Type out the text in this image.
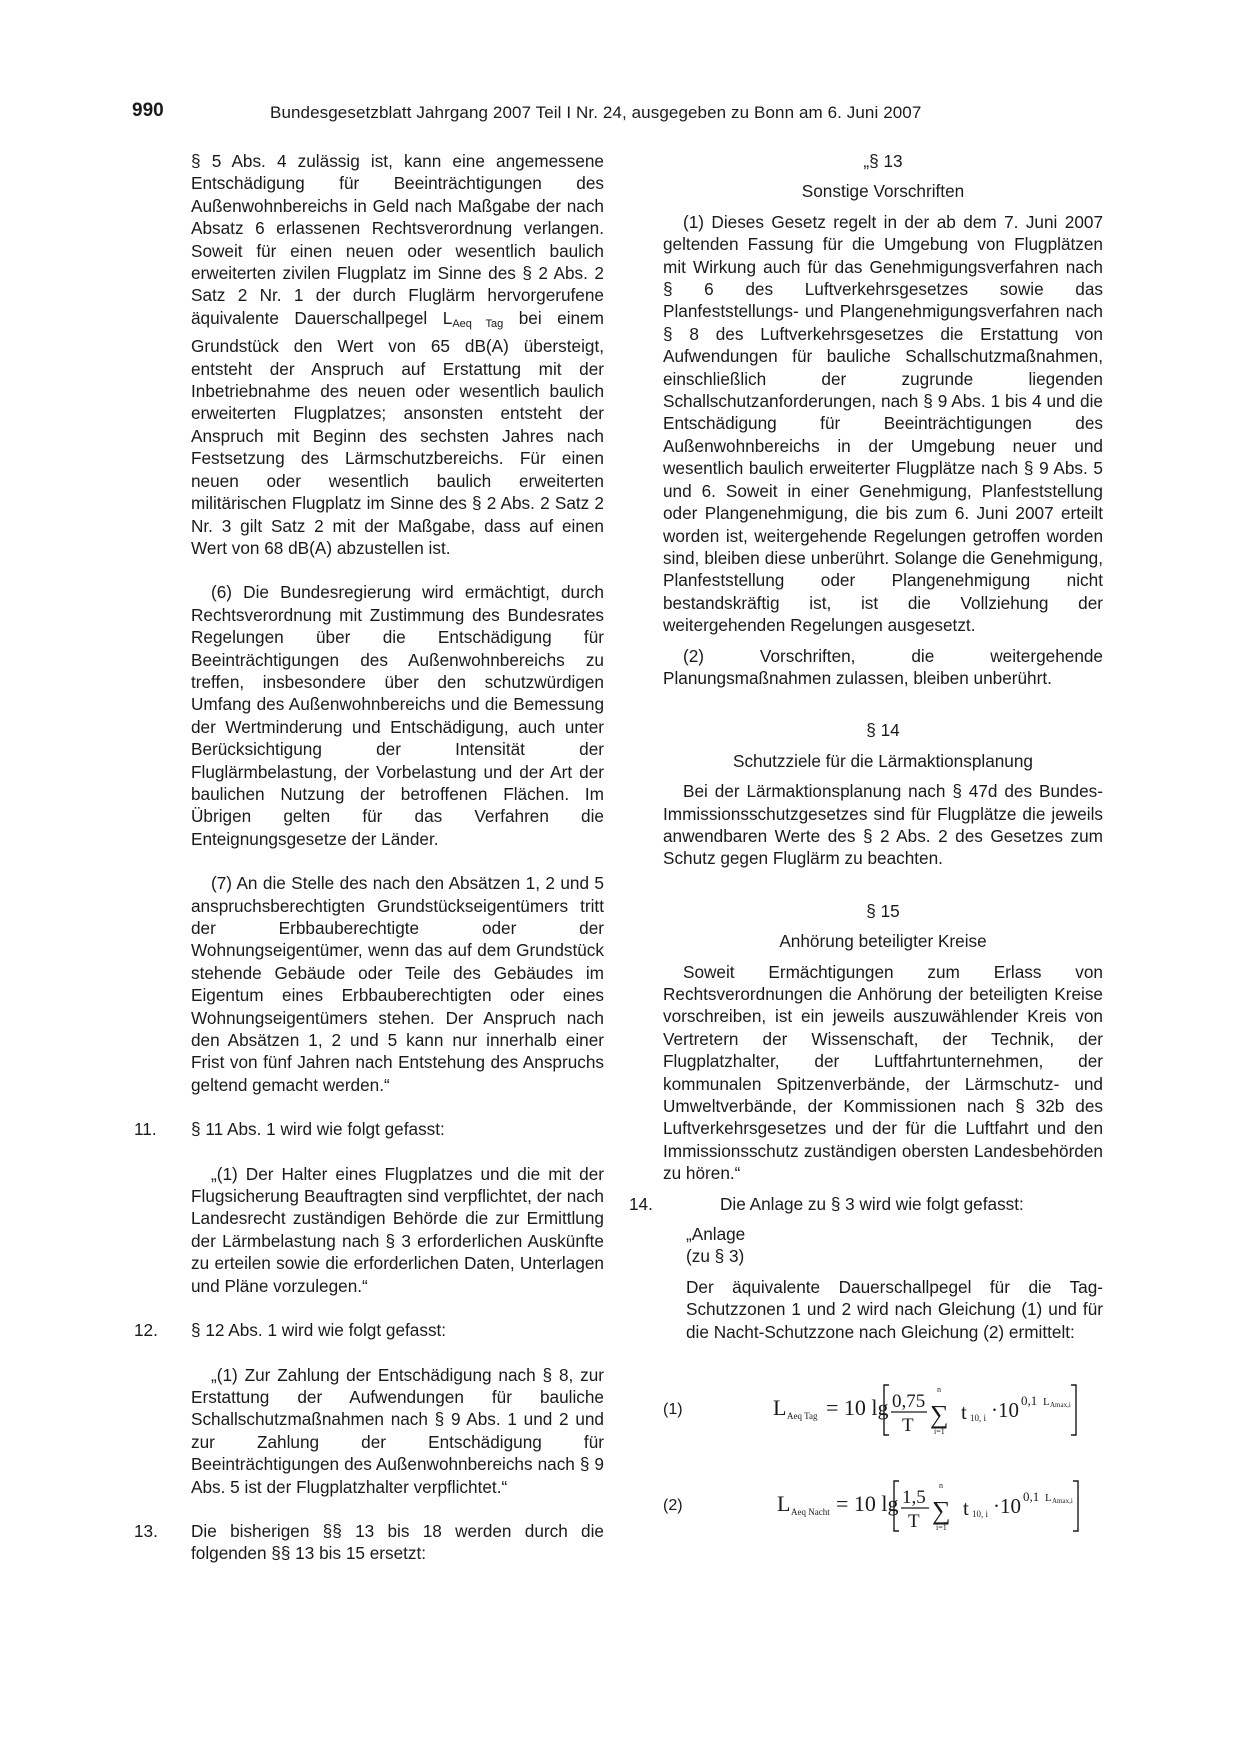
990	Bundesgesetzblatt Jahrgang 2007 Teil I Nr. 24, ausgegeben zu Bonn am 6. Juni 2007

§ 5 Abs. 4 zulässig ist, kann eine angemessene Entschädigung für Beeinträchtigungen des Außenwohnbereichs in Geld nach Maßgabe der nach Absatz 6 erlassenen Rechtsverordnung verlangen. Soweit für einen neuen oder wesentlich baulich erweiterten zivilen Flugplatz im Sinne des § 2 Abs. 2 Satz 2 Nr. 1 der durch Fluglärm hervorgerufene äquivalente Dauerschallpegel $L_{Aeq Tag}$ bei einem Grundstück den Wert von 65 dB(A) übersteigt, entsteht der Anspruch auf Erstattung mit der Inbetriebnahme des neuen oder wesentlich baulich erweiterten Flugplatzes; ansonsten entsteht der Anspruch mit Beginn des sechsten Jahres nach Festsetzung des Lärmschutzbereichs. Für einen neuen oder wesentlich baulich erweiterten militärischen Flugplatz im Sinne des § 2 Abs. 2 Satz 2 Nr. 3 gilt Satz 2 mit der Maßgabe, dass auf einen Wert von 68 dB(A) abzustellen ist.

(6) Die Bundesregierung wird ermächtigt, durch Rechtsverordnung mit Zustimmung des Bundesrates Regelungen über die Entschädigung für Beeinträchtigungen des Außenwohnbereichs zu treffen, insbesondere über den schutzwürdigen Umfang des Außenwohnbereichs und die Bemessung der Wertminderung und Entschädigung, auch unter Berücksichtigung der Intensität der Fluglärmbelastung, der Vorbelastung und der Art der baulichen Nutzung der betroffenen Flächen. Im Übrigen gelten für das Verfahren die Enteignungsgesetze der Länder.

(7) An die Stelle des nach den Absätzen 1, 2 und 5 anspruchsberechtigten Grundstückseigentümers tritt der Erbbauberechtigte oder der Wohnungseigentümer, wenn das auf dem Grundstück stehende Gebäude oder Teile des Gebäudes im Eigentum eines Erbbauberechtigten oder eines Wohnungseigentümers stehen. Der Anspruch nach den Absätzen 1, 2 und 5 kann nur innerhalb einer Frist von fünf Jahren nach Entstehung des Anspruchs geltend gemacht werden.“

11. § 11 Abs. 1 wird wie folgt gefasst:

„(1) Der Halter eines Flugplatzes und die mit der Flugsicherung Beauftragten sind verpflichtet, der nach Landesrecht zuständigen Behörde die zur Ermittlung der Lärmbelastung nach § 3 erforderlichen Auskünfte zu erteilen sowie die erforderlichen Daten, Unterlagen und Pläne vorzulegen.“

12. § 12 Abs. 1 wird wie folgt gefasst:

„(1) Zur Zahlung der Entschädigung nach § 8, zur Erstattung der Aufwendungen für bauliche Schallschutzmaßnahmen nach § 9 Abs. 1 und 2 und zur Zahlung der Entschädigung für Beeinträchtigungen des Außenwohnbereichs nach § 9 Abs. 5 ist der Flugplatzhalter verpflichtet.“

13. Die bisherigen §§ 13 bis 18 werden durch die folgenden §§ 13 bis 15 ersetzt:

„§ 13

Sonstige Vorschriften

(1) Dieses Gesetz regelt in der ab dem 7. Juni 2007 geltenden Fassung für die Umgebung von Flugplätzen mit Wirkung auch für das Genehmigungsverfahren nach § 6 des Luftverkehrsgesetzes sowie das Planfeststellungs- und Plangenehmigungsverfahren nach § 8 des Luftverkehrsgesetzes die Erstattung von Aufwendungen für bauliche Schallschutzmaßnahmen, einschließlich der zugrunde liegenden Schallschutzanforderungen, nach § 9 Abs. 1 bis 4 und die Entschädigung für Beeinträchtigungen des Außenwohnbereichs in der Umgebung neuer und wesentlich baulich erweiterter Flugplätze nach § 9 Abs. 5 und 6. Soweit in einer Genehmigung, Planfeststellung oder Plangenehmigung, die bis zum 6. Juni 2007 erteilt worden ist, weitergehende Regelungen getroffen worden sind, bleiben diese unberührt. Solange die Genehmigung, Planfeststellung oder Plangenehmigung nicht bestandskräftig ist, ist die Vollziehung der weitergehenden Regelungen ausgesetzt.

(2) Vorschriften, die weitergehende Planungsmaßnahmen zulassen, bleiben unberührt.

§ 14

Schutzziele für die Lärmaktionsplanung

Bei der Lärmaktionsplanung nach § 47d des Bundes-Immissionsschutzgesetzes sind für Flugplätze die jeweils anwendbaren Werte des § 2 Abs. 2 des Gesetzes zum Schutz gegen Fluglärm zu beachten.

§ 15

Anhörung beteiligter Kreise

Soweit Ermächtigungen zum Erlass von Rechtsverordnungen die Anhörung der beteiligten Kreise vorschreiben, ist ein jeweils auszuwählender Kreis von Vertretern der Wissenschaft, der Technik, der Flugplatzhalter, der Luftfahrtunternehmen, der kommunalen Spitzenverbände, der Lärmschutz- und Umweltverbände, der Kommissionen nach § 32b des Luftverkehrsgesetzes und der für die Luftfahrt und den Immissionsschutz zuständigen obersten Landesbehörden zu hören.“

14.	Die Anlage zu § 3 wird wie folgt gefasst:

„Anlage

(zu § 3)

Der äquivalente Dauerschallpegel für die Tag-Schutzzonen 1 und 2 wird nach Gleichung (1) und für die Nacht-Schutzzone nach Gleichung (2) ermittelt:

(1)	L Aeq Tag = 10 lg 0,75
T
n
∑
i=1
t 10, i ·10 0,1 L Amax,i
(2)	L Aeq Nacht = 10 lg 1,5
T
n
∑
i=1
t 10, i ·10 0,1 L Amax,i
